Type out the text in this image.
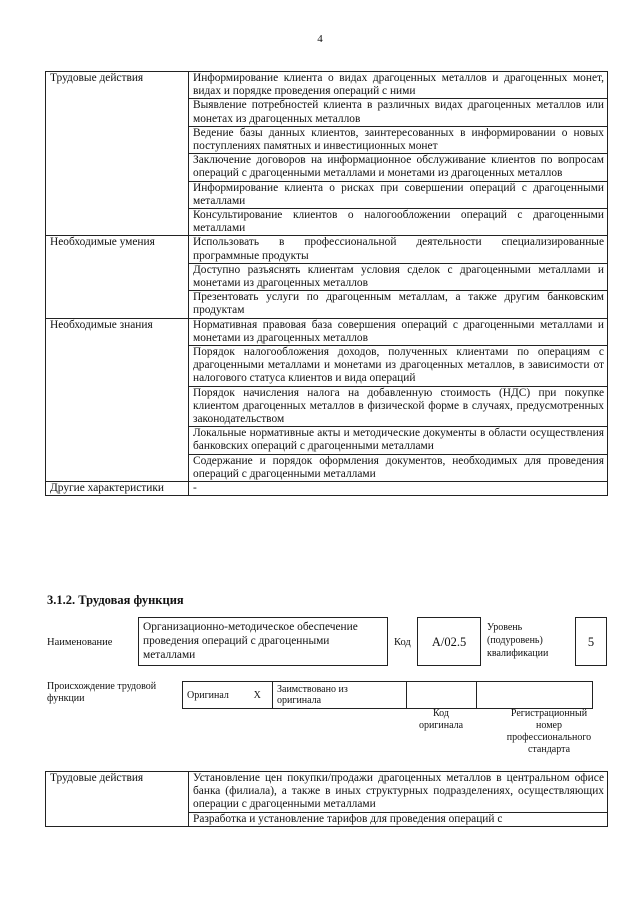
4
Трудовые действия	Информирование клиента о видах драгоценных металлов и драгоценных монет, видах и порядке проведения операций с ними
	Выявление потребностей клиента в различных видах драгоценных металлов или монетах из драгоценных металлов
	Ведение базы данных клиентов, заинтересованных в информировании о новых поступлениях памятных и инвестиционных монет
	Заключение договоров на информационное обслуживание клиентов по вопросам операций с драгоценными металлами и монетами из драгоценных металлов
	Информирование клиента о рисках при совершении операций с драгоценными металлами
	Консультирование клиентов о налогообложении операций с драгоценными металлами
Необходимые умения	Использовать в профессиональной деятельности специализированные программные продукты
	Доступно разъяснять клиентам условия сделок с драгоценными металлами и монетами из драгоценных металлов
	Презентовать услуги по драгоценным металлам, а также другим банковским продуктам
Необходимые знания	Нормативная правовая база совершения операций с драгоценными металлами и монетами из драгоценных металлов
	Порядок налогообложения доходов, полученных клиентами по операциям с драгоценными металлами и монетами из драгоценных металлов, в зависимости от налогового статуса клиентов и вида операций
	Порядок начисления налога на добавленную стоимость (НДС) при покупке клиентом драгоценных металлов в физической форме в случаях, предусмотренных законодательством
	Локальные нормативные акты и методические документы в области осуществления банковских операций с драгоценными металлами
	Содержание и порядок оформления документов, необходимых для проведения операций с драгоценными металлами
Другие характеристики	-
3.1.2. Трудовая функция
Наименование
Организационно-методическое обеспечение проведения операций с драгоценными металлами
Код	А/02.5
Уровень
(подуровень)
квалификации
5
Происхождение трудовой
функции	Оригинал	X	Заимствовано из
оригинала

Код
оригинала
Регистрационный
номер
профессионального
стандарта
Трудовые действия	Установление цен покупки/продажи драгоценных металлов в центральном офисе банка (филиала), а также в иных структурных подразделениях, осуществляющих операции с драгоценными металлами
Разработка и установление тарифов для проведения операций с
